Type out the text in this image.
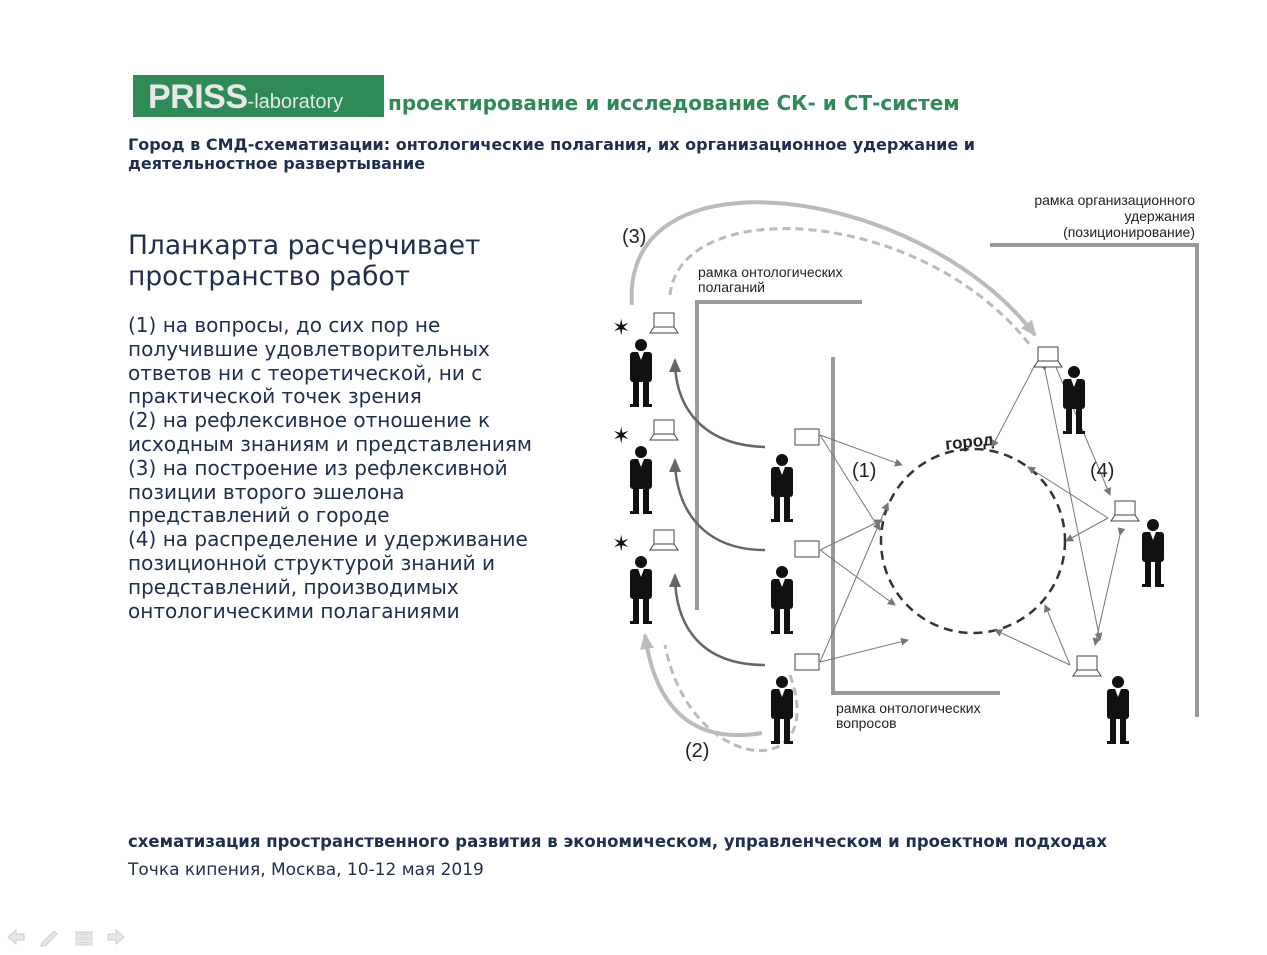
PRISS-laboratory проектирование и исследование СК- и СТ-систем
Город в СМД-схематизации: онтологические полагания, их организационное удержание и деятельностное развертывание
Планкарта расчерчивает пространство работ
(1) на вопросы, до сих пор не получившие удовлетворительных ответов ни с теоретической, ни с практической точек зрения
(2) на рефлексивное отношение к исходным знаниям и представлениям
(3) на построение из рефлексивной позиции второго эшелона представлений о городе
(4) на распределение и удерживание позиционной структурой знаний и представлений, производимых онтологическими полаганиями
рамка организационного
удержания
(позиционирование)
рамка онтологических
полаганий
рамка онтологических
вопросов
город
(3)
(2)
(1)	(4)
✶
✶
✶
схематизация пространственного развития в экономическом, управленческом и проектном подходах
Точка кипения, Москва, 10-12 мая 2019
